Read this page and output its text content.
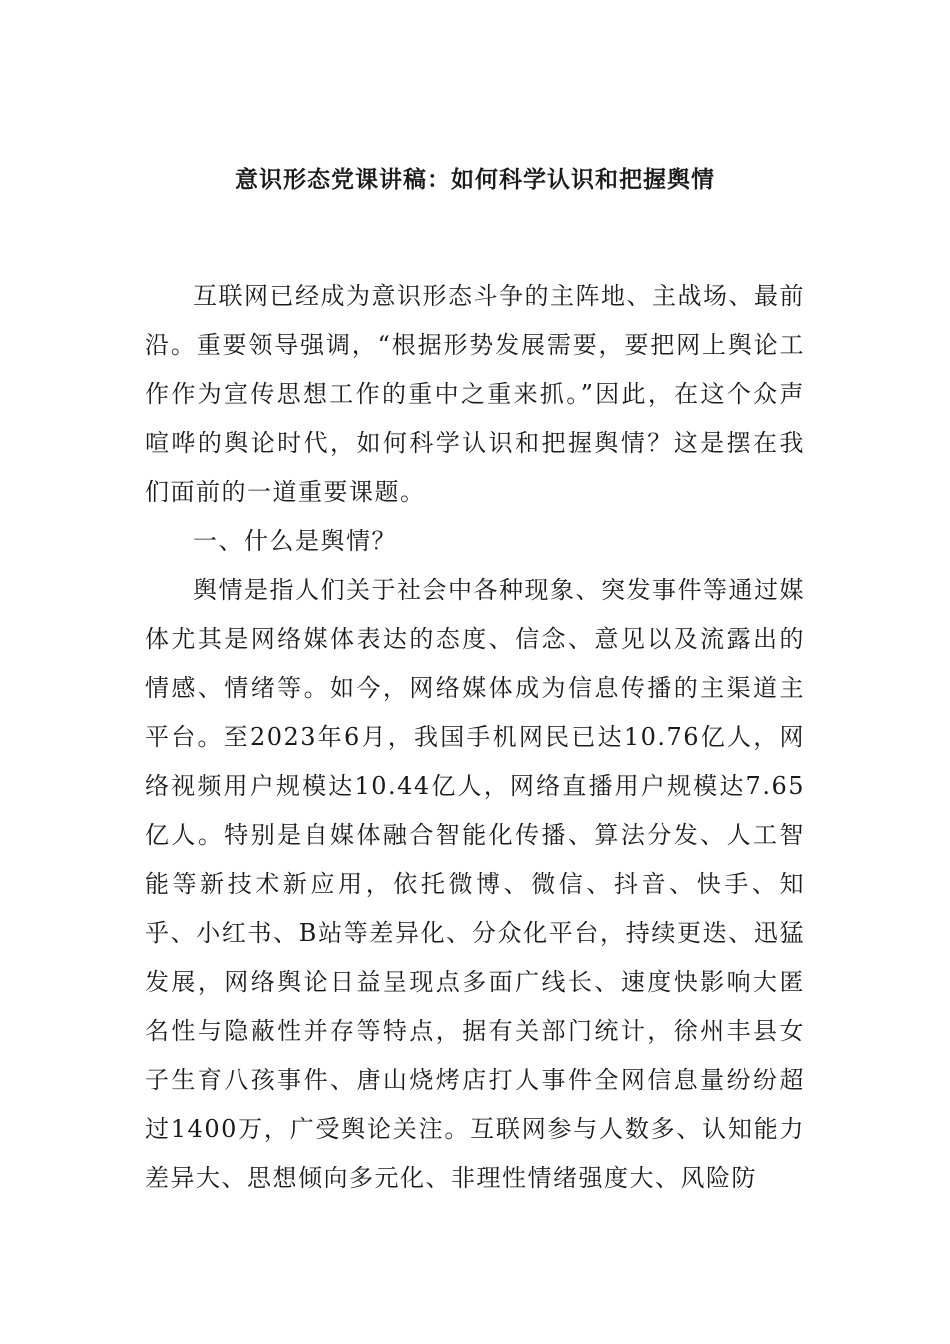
意识形态党课讲稿：如何科学认识和把握舆情

互联网已经成为意识形态斗争的主阵地、主战场、最前沿。重要领导强调，“根据形势发展需要，要把网上舆论工作作为宣传思想工作的重中之重来抓。”因此，在这个众声喧哗的舆论时代，如何科学认识和把握舆情？这是摆在我们面前的一道重要课题。

一、什么是舆情？

舆情是指人们关于社会中各种现象、突发事件等通过媒体尤其是网络媒体表达的态度、信念、意见以及流露出的情感、情绪等。如今，网络媒体成为信息传播的主渠道主平台。至2023年6月，我国手机网民已达10.76亿人，网络视频用户规模达10.44亿人，网络直播用户规模达7.65亿人。特别是自媒体融合智能化传播、算法分发、人工智能等新技术新应用，依托微博、微信、抖音、快手、知乎、小红书、B站等差异化、分众化平台，持续更迭、迅猛发展，网络舆论日益呈现点多面广线长、速度快影响大匿名性与隐蔽性并存等特点，据有关部门统计，徐州丰县女子生育八孩事件、唐山烧烤店打人事件全网信息量纷纷超过1400万，广受舆论关注。互联网参与人数多、认知能力差异大、思想倾向多元化、非理性情绪强度大、风险防
